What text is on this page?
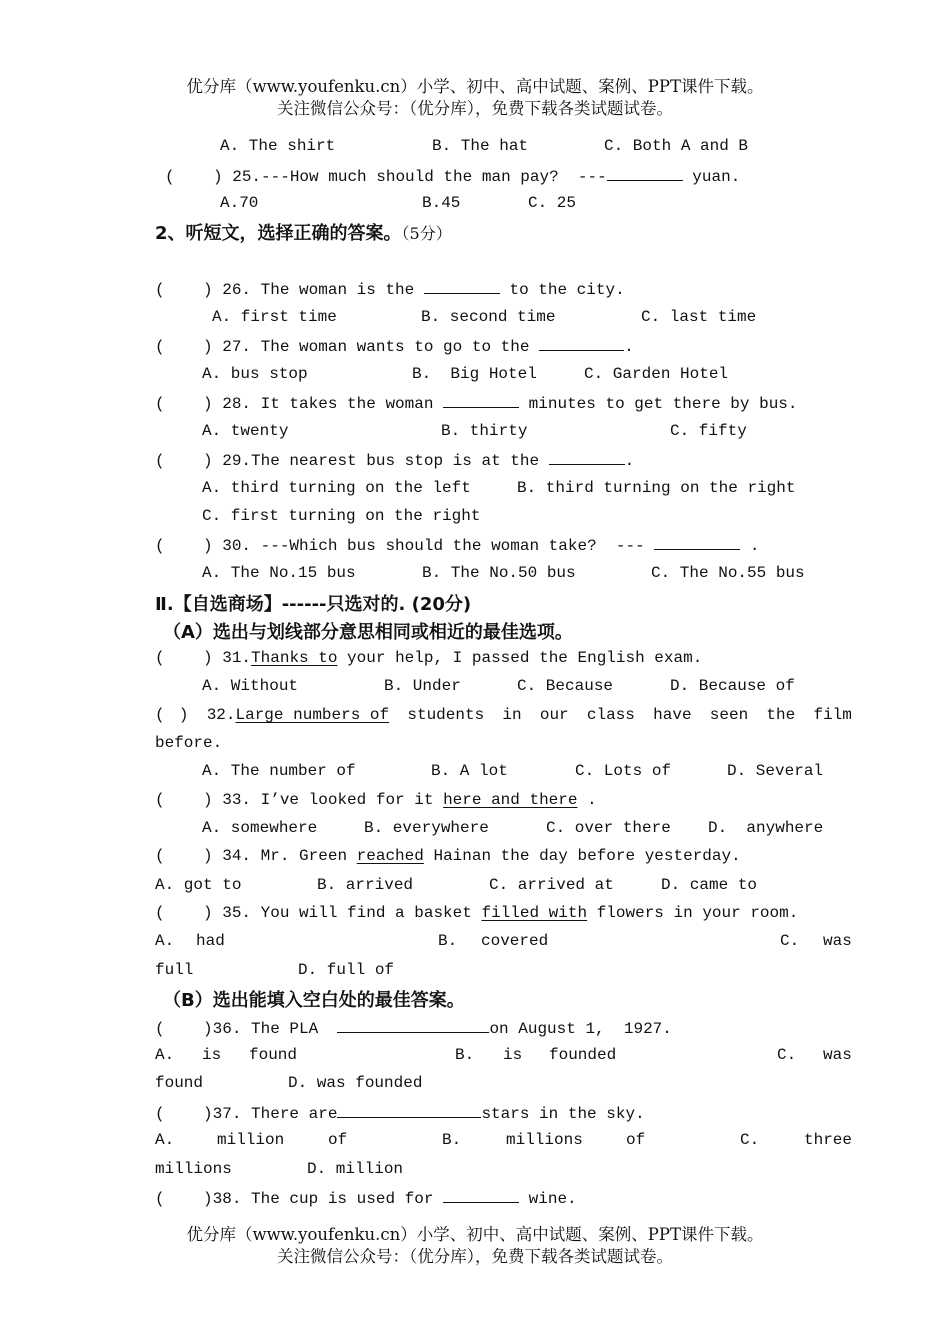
优分库（www.youfenku.cn）小学、初中、高中试题、案例、PPT课件下载。
关注微信公众号：（优分库），免费下载各类试题试卷。
A. The shirt	B. The hat	C. Both A and B
(    ) 25.---How much should the man pay?  ---	yuan.
A.70	B.45	C. 25
2、听短文，选择正确的答案。（5分）
(    ) 26. The woman is the	to the city.
A. first time	B. second time	C. last time
(    ) 27. The woman wants to go to the	.
A. bus stop	B.  Big Hotel	C. Garden Hotel
(    ) 28. It takes the woman	minutes to get there by bus.
A. twenty	B. thirty	C. fifty
(    ) 29.The nearest bus stop is at the	.
A. third turning on the left	B. third turning on the right
C. first turning on the right
(    ) 30. ---Which bus should the woman take?  ---	.
A. The No.15 bus	B. The No.50 bus	C. The No.55 bus
Ⅱ.【自选商场】------只选对的. (20分)
（A）选出与划线部分意思相同或相近的最佳选项。
(    ) 31.Thanks to your help, I passed the English exam.
A. Without	B. Under	C. Because	D. Because of
( ) 32.Large numbers of students in our class have seen the film
before.
A. The number of	B. A lot	C. Lots of	D. Several
(    ) 33. I’ve looked for it here and there .
A. somewhere	B. everywhere	C. over there D.  anywhere
(    ) 34. Mr. Green reached Hainan the day before yesterday.
A. got to	B. arrived	C. arrived at	D. came to
(    ) 35. You will find a basket filled with flowers in your room.
A. had	B. covered	C. was
full	D. full of
（B）选出能填入空白处的最佳答案。
(    )36. The PLA	on August 1,  1927.
A. is found	B. is founded	C. was
found	D. was founded
(    )37. There are	stars in the sky.
A.	million	of	B.	millions	of	C.	three
millions	D. million
(    )38. The cup is used for	wine.
优分库（www.youfenku.cn）小学、初中、高中试题、案例、PPT课件下载。
关注微信公众号：（优分库），免费下载各类试题试卷。
